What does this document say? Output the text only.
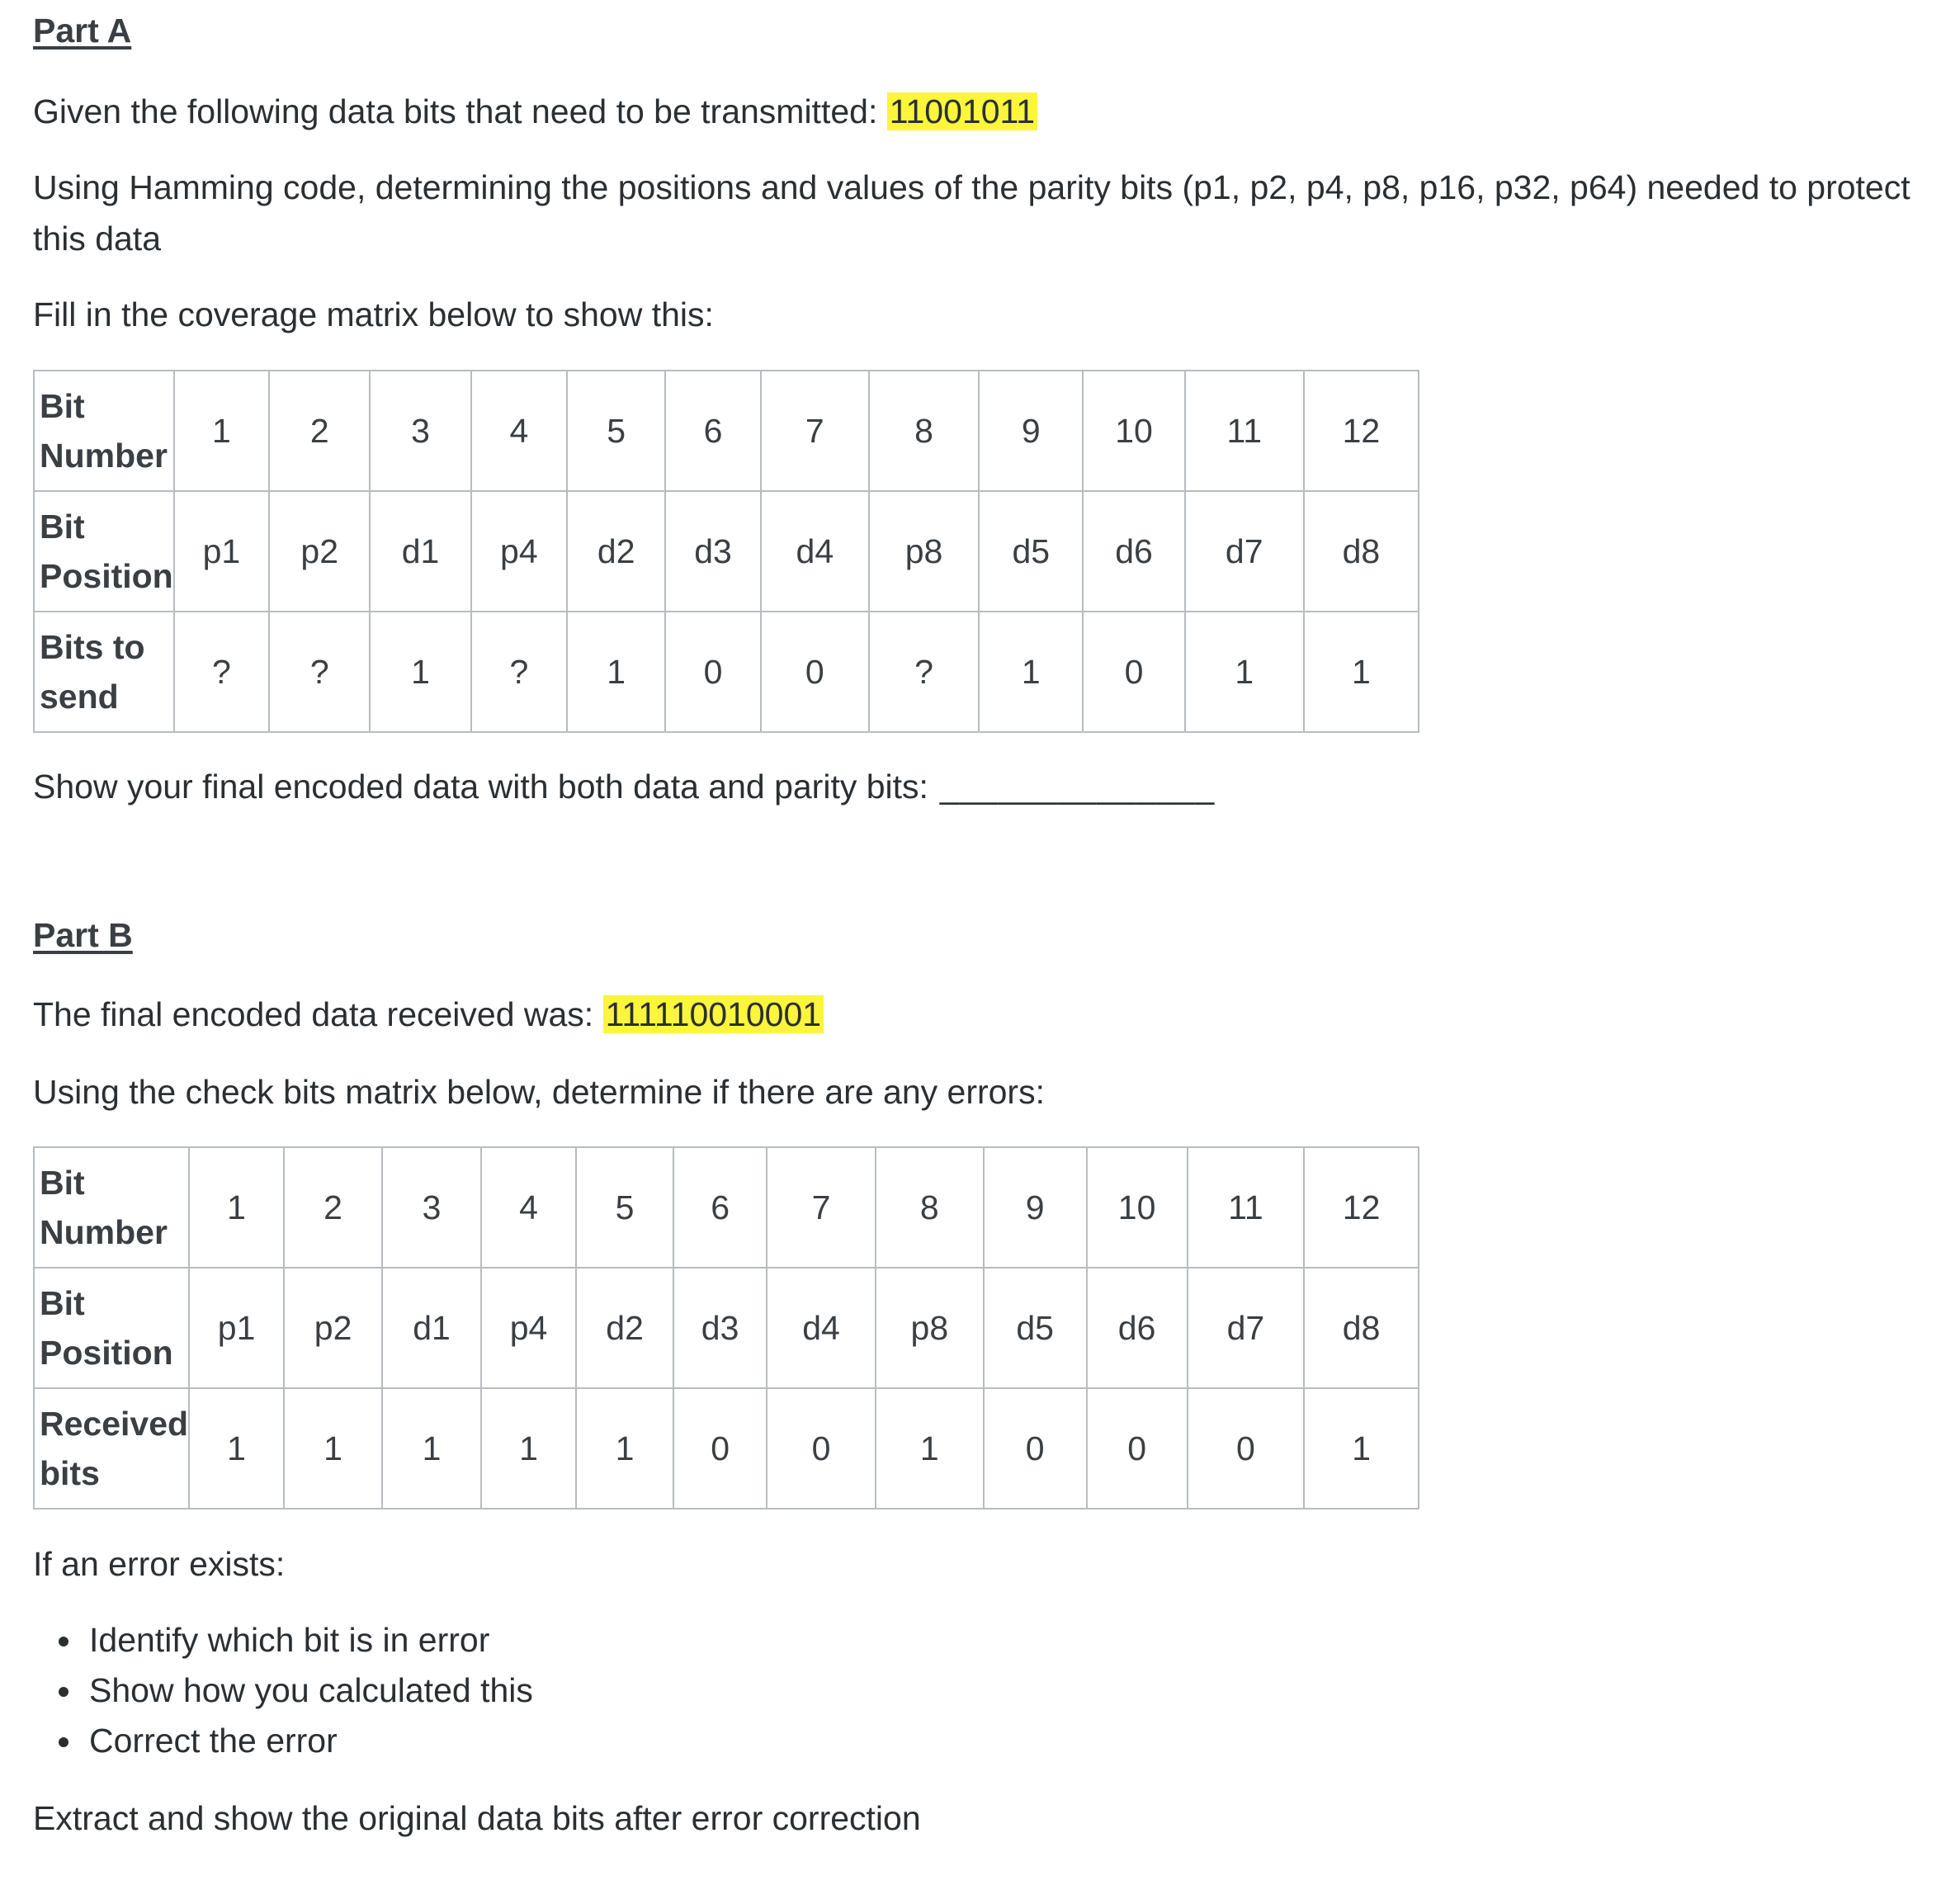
Part A
Given the following data bits that need to be transmitted: 11001011
Using Hamming code, determining the positions and values of the parity bits (p1, p2, p4, p8, p16, p32, p64) needed to protect this data
Fill in the coverage matrix below to show this:
Bit Number	1	2	3	4	5	6	7	8	9	10	11	12
Bit Position	p1	p2	d1	p4	d2	d3	d4	p8	d5	d6	d7	d8
Bits to send	?	?	1	?	1	0	0	?	1	0	1	1
Show your final encoded data with both data and parity bits: ______________
Part B
The final encoded data received was: 111110010001
Using the check bits matrix below, determine if there are any errors:
Bit Number	1	2	3	4	5	6	7	8	9	10	11	12
Bit Position	p1	p2	d1	p4	d2	d3	d4	p8	d5	d6	d7	d8
Received bits	1	1	1	1	1	0	0	1	0	0	0	1
If an error exists:
• Identify which bit is in error
• Show how you calculated this
• Correct the error
Extract and show the original data bits after error correction
